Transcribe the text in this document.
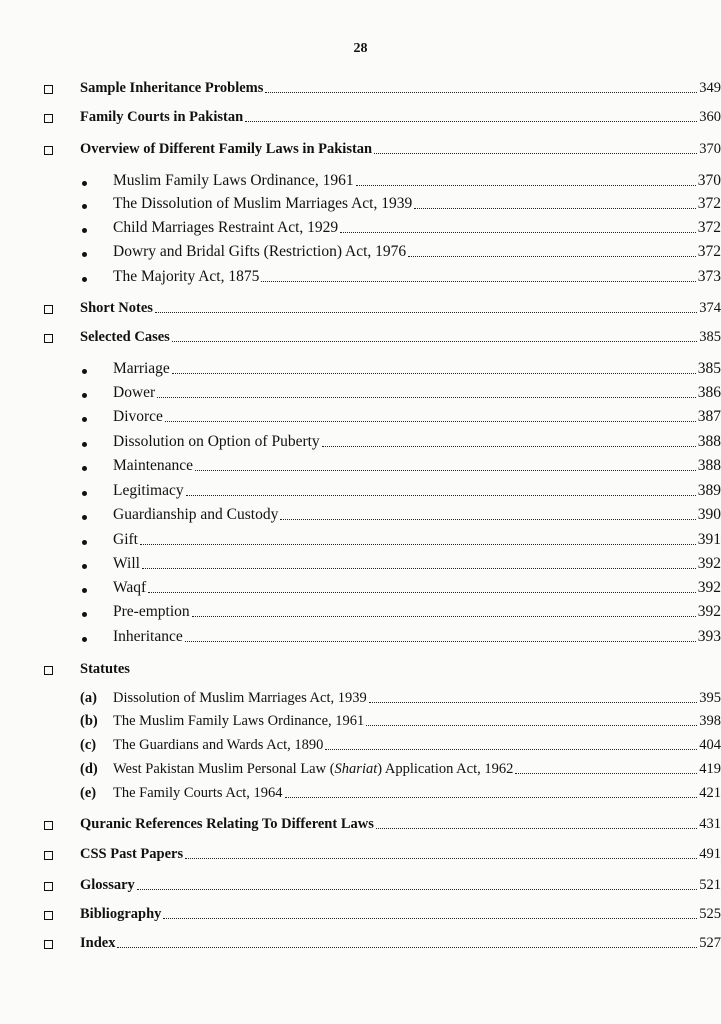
28
Sample Inheritance Problems	349
Family Courts in Pakistan	360
Overview of Different Family Laws in Pakistan	370
Muslim Family Laws Ordinance, 1961	370
The Dissolution of Muslim Marriages Act, 1939	372
Child Marriages Restraint Act, 1929	372
Dowry and Bridal Gifts (Restriction) Act, 1976	372
The Majority Act, 1875	373
Short Notes	374
Selected Cases	385
Marriage	385
Dower	386
Divorce	387
Dissolution on Option of Puberty	388
Maintenance	388
Legitimacy	389
Guardianship and Custody	390
Gift	391
Will	392
Waqf	392
Pre-emption	392
Inheritance	393
Statutes
(a) Dissolution of Muslim Marriages Act, 1939	395
(b) The Muslim Family Laws Ordinance, 1961	398
(c) The Guardians and Wards Act, 1890	404
(d) West Pakistan Muslim Personal Law (Shariat) Application Act, 1962	419
(e) The Family Courts Act, 1964	421
Quranic References Relating To Different Laws	431
CSS Past Papers	491
Glossary	521
Bibliography	525
Index	527
